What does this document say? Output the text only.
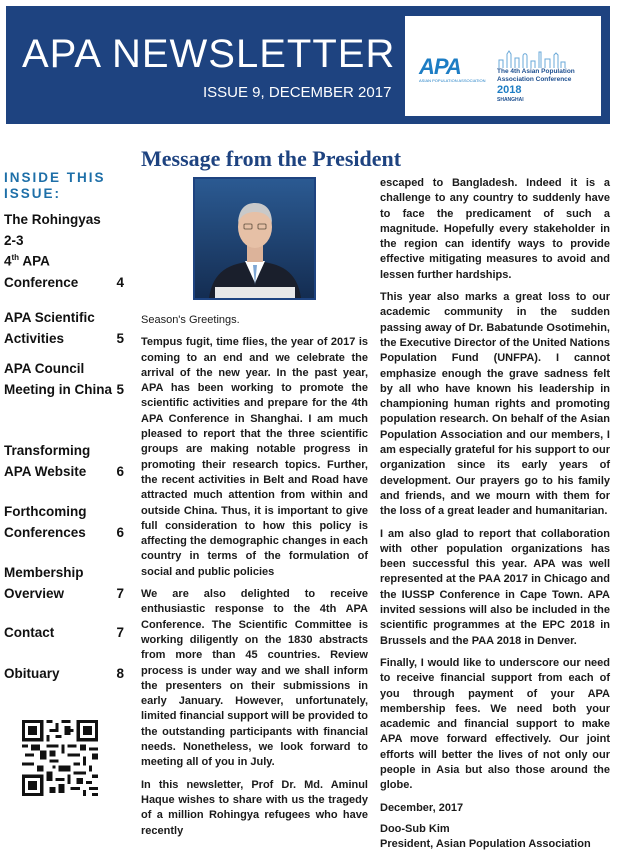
APA NEWSLETTER
ISSUE 9, DECEMBER 2017
APA
ASIAN POPULATION ASSOCIATION
The 4th Asian Population
Association Conference
2018
SHANGHAI
INSIDE THIS
ISSUE:
The Rohingyas 2-3
4th APA Conference	4
APA Scientific Activities	5
APA Council Meeting in China 5
Transforming APA Website	6
Forthcoming Conferences	6
Membership Overview	7
Contact	7
Obituary	8
Message from the President

Season's Greetings.

Tempus fugit, time flies, the year of 2017 is coming to an end and we celebrate the arrival of the new year. In the past year, APA has been working to promote the scientific activities and prepare for the 4th APA Conference in Shanghai. I am much pleased to report that the three scientific groups are making notable progress in promoting their research topics. Further, the recent activities in Belt and Road have attracted much attention from within and outside China. Thus, it is important to give full consideration to how this policy is affecting the demographic changes in each country in terms of the formulation of social and public policies

We are also delighted to receive enthusiastic response to the 4th APA Conference. The Scientific Committee is working diligently on the 1830 abstracts from more than 45 countries. Review process is under way and we shall inform the presenters on their submissions in early January. However, unfortunately, limited financial support will be provided to the outstanding participants with financial needs. Nonetheless, we look forward to meeting all of you in July.

In this newsletter, Prof Dr. Md. Aminul Haque wishes to share with us the tragedy of a million Rohingya refugees who have recently

escaped to Bangladesh. Indeed it is a challenge to any country to suddenly have to face the predicament of such a magnitude. Hopefully every stakeholder in the region can identify ways to provide effective mitigating measures to avoid and lessen further hardships.

This year also marks a great loss to our academic community in the sudden passing away of Dr. Babatunde Osotimehin, the Executive Director of the United Nations Population Fund (UNFPA). I cannot emphasize enough the grave sadness felt by all who have known his leadership in championing human rights and promoting population research. On behalf of the Asian Population Association and our members, I am especially grateful for his support to our organization since its early years of development. Our prayers go to his family and friends, and we mourn with them for the loss of a great leader and humanitarian.

I am also glad to report that collaboration with other population organizations has been successful this year. APA was well represented at the PAA 2017 in Chicago and the IUSSP Conference in Cape Town. APA invited sessions will also be included in the scientific programmes at the EPC 2018 in Brussels and the PAA 2018 in Denver.

Finally, I would like to underscore our need to receive financial support from each of you through payment of your APA membership fees. We need both your academic and financial support to make APA move forward effectively. Our joint efforts will better the lives of not only our people in Asia but also those around the globe.

December, 2017
Doo-Sub Kim
President, Asian Population Association
